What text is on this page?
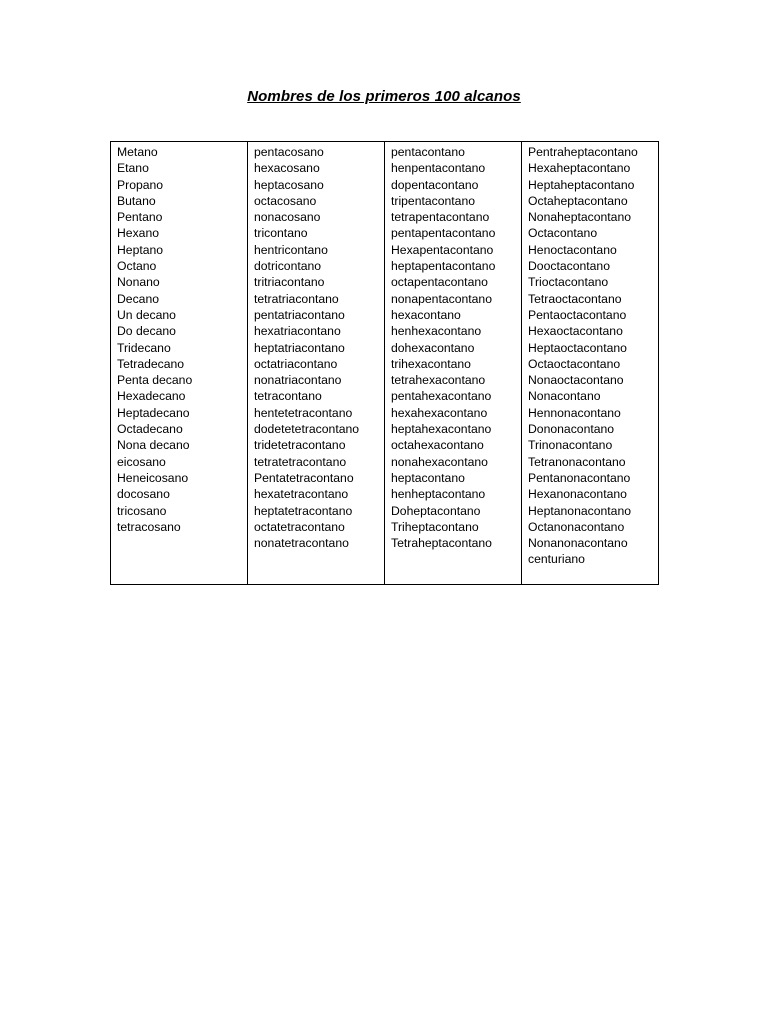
Nombres de los primeros 100 alcanos
Metano
Etano
Propano
Butano
Pentano
Hexano
Heptano
Octano
Nonano
Decano
Un decano
Do decano
Tridecano
Tetradecano
Penta decano
Hexadecano
Heptadecano
Octadecano
Nona decano
eicosano
Heneicosano
docosano
tricosano
tetracosano

pentacosano
hexacosano
heptacosano
octacosano
nonacosano
tricontano
hentricontano
dotricontano
tritriacontano
tetratriacontano
pentatriacontano
hexatriacontano
heptatriacontano
octatriacontano
nonatriacontano
tetracontano
hentetetracontano
dodetetetracontano
tridetetracontano
tetratetracontano
Pentatetracontano
hexatetracontano
heptatetracontano
octatetracontano
nonatetracontano

pentacontano
henpentacontano
dopentacontano
tripentacontano
tetrapentacontano
pentapentacontano
Hexapentacontano
heptapentacontano
octapentacontano
nonapentacontano
hexacontano
henhexacontano
dohexacontano
trihexacontano
tetrahexacontano
pentahexacontano
hexahexacontano
heptahexacontano
octahexacontano
nonahexacontano
heptacontano
henheptacontano
Doheptacontano
Triheptacontano
Tetraheptacontano

Pentraheptacontano
Hexaheptacontano
Heptaheptacontano
Octaheptacontano
Nonaheptacontano
Octacontano
Henoctacontano
Dooctacontano
Trioctacontano
Tetraoctacontano
Pentaoctacontano
Hexaoctacontano
Heptaoctacontano
Octaoctacontano
Nonaoctacontano
Nonacontano
Hennonacontano
Dononacontano
Trinonacontano
Tetranonacontano
Pentanonacontano
Hexanonacontano
Heptanonacontano
Octanonacontano
Nonanonacontano
centuriano
